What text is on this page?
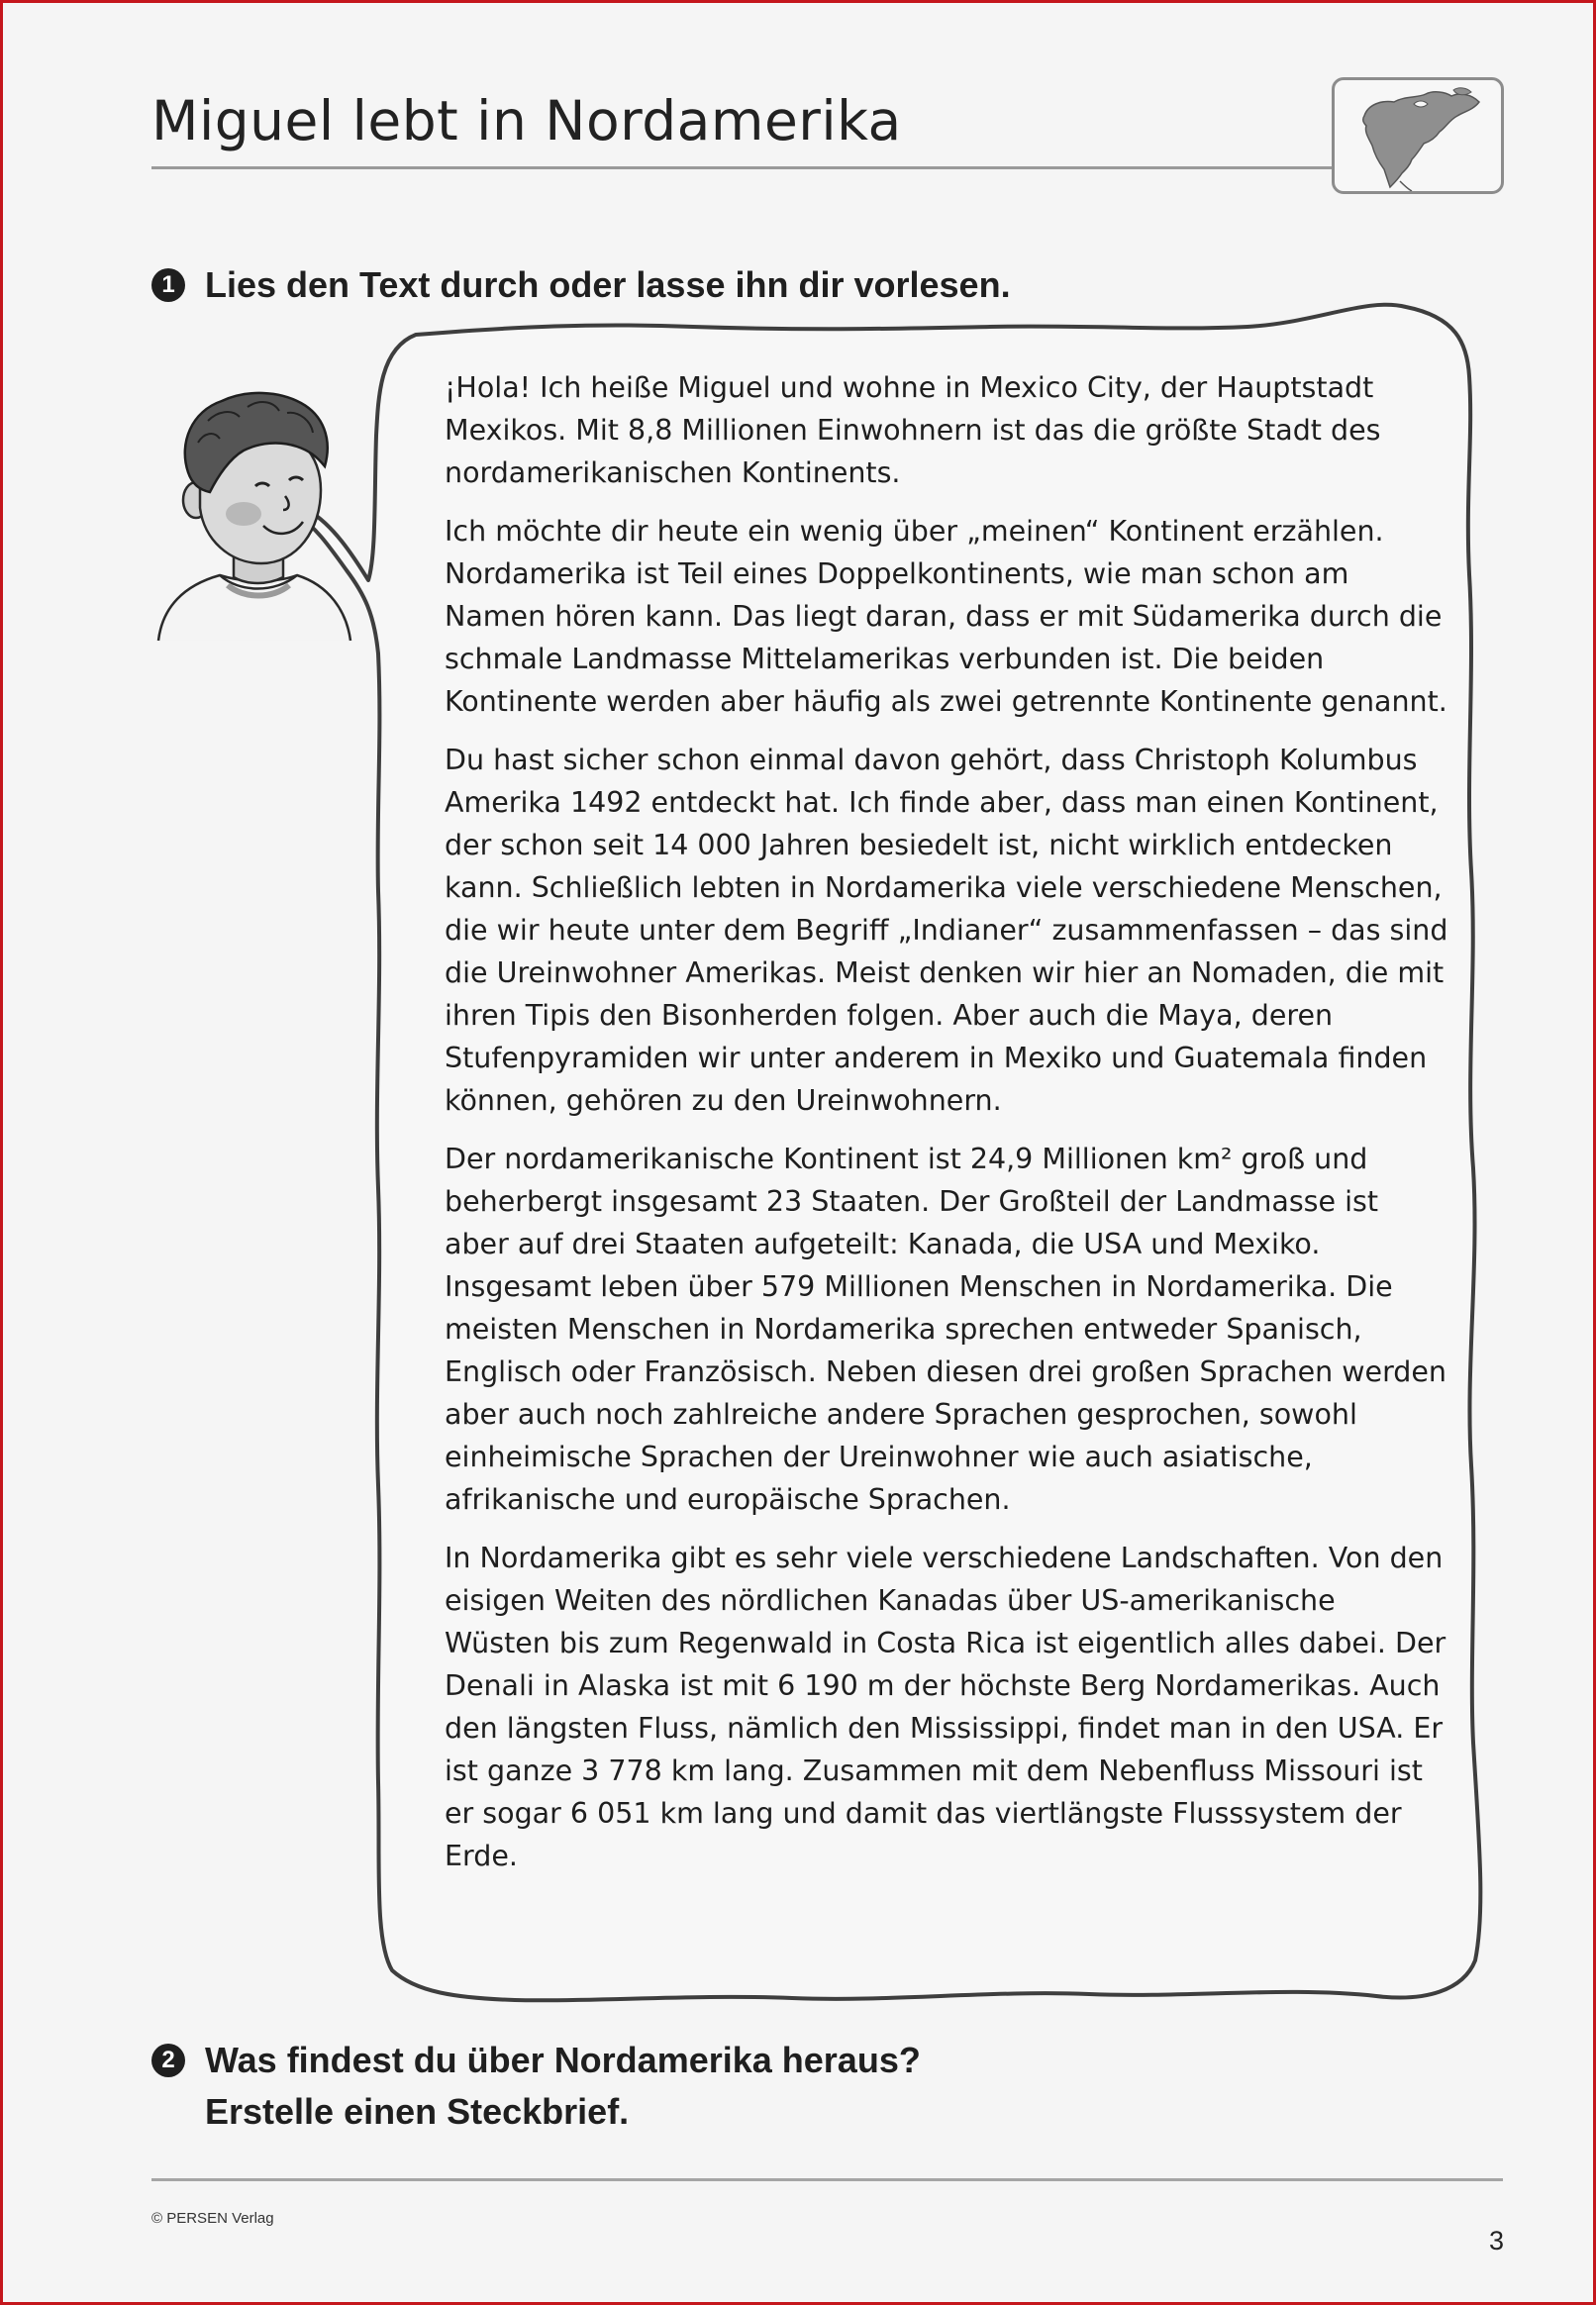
Miguel lebt in Nordamerika
1 Lies den Text durch oder lasse ihn dir vorlesen.

¡Hola! Ich heiße Miguel und wohne in Mexico City, der Hauptstadt Mexikos. Mit 8,8 Millionen Einwohnern ist das die größte Stadt des nordamerikanischen Kontinents.

Ich möchte dir heute ein wenig über „meinen“ Kontinent erzählen. Nordamerika ist Teil eines Doppelkontinents, wie man schon am Namen hören kann. Das liegt daran, dass er mit Südamerika durch die schmale Landmasse Mittelamerikas verbunden ist. Die beiden Kontinente werden aber häufig als zwei getrennte Kontinente genannt.

Du hast sicher schon einmal davon gehört, dass Christoph Kolumbus Amerika 1492 entdeckt hat. Ich finde aber, dass man einen Kontinent, der schon seit 14 000 Jahren besiedelt ist, nicht wirklich entdecken kann. Schließlich lebten in Nordamerika viele verschiedene Menschen, die wir heute unter dem Begriff „Indianer“ zusammenfassen – das sind die Ureinwohner Amerikas. Meist denken wir hier an Nomaden, die mit ihren Tipis den Bisonherden folgen. Aber auch die Maya, deren Stufenpyramiden wir unter anderem in Mexiko und Guatemala finden können, gehören zu den Ureinwohnern.

Der nordamerikanische Kontinent ist 24,9 Millionen km² groß und beherbergt insgesamt 23 Staaten. Der Großteil der Landmasse ist aber auf drei Staaten aufgeteilt: Kanada, die USA und Mexiko. Insgesamt leben über 579 Millionen Menschen in Nordamerika. Die meisten Menschen in Nordamerika sprechen entweder Spanisch, Englisch oder Französisch. Neben diesen drei großen Sprachen werden aber auch noch zahlreiche andere Sprachen gesprochen, sowohl einheimische Sprachen der Ureinwohner wie auch asiatische, afrikanische und europäische Sprachen.

In Nordamerika gibt es sehr viele verschiedene Landschaften. Von den eisigen Weiten des nördlichen Kanadas über US-amerikanische Wüsten bis zum Regenwald in Costa Rica ist eigentlich alles dabei. Der Denali in Alaska ist mit 6 190 m der höchste Berg Nordamerikas. Auch den längsten Fluss, nämlich den Mississippi, findet man in den USA. Er ist ganze 3 778 km lang. Zusammen mit dem Nebenfluss Missouri ist er sogar 6 051 km lang und damit das viertlängste Flusssystem der Erde.

2 Was findest du über Nordamerika heraus?
Erstelle einen Steckbrief.
© PERSEN Verlag
3
